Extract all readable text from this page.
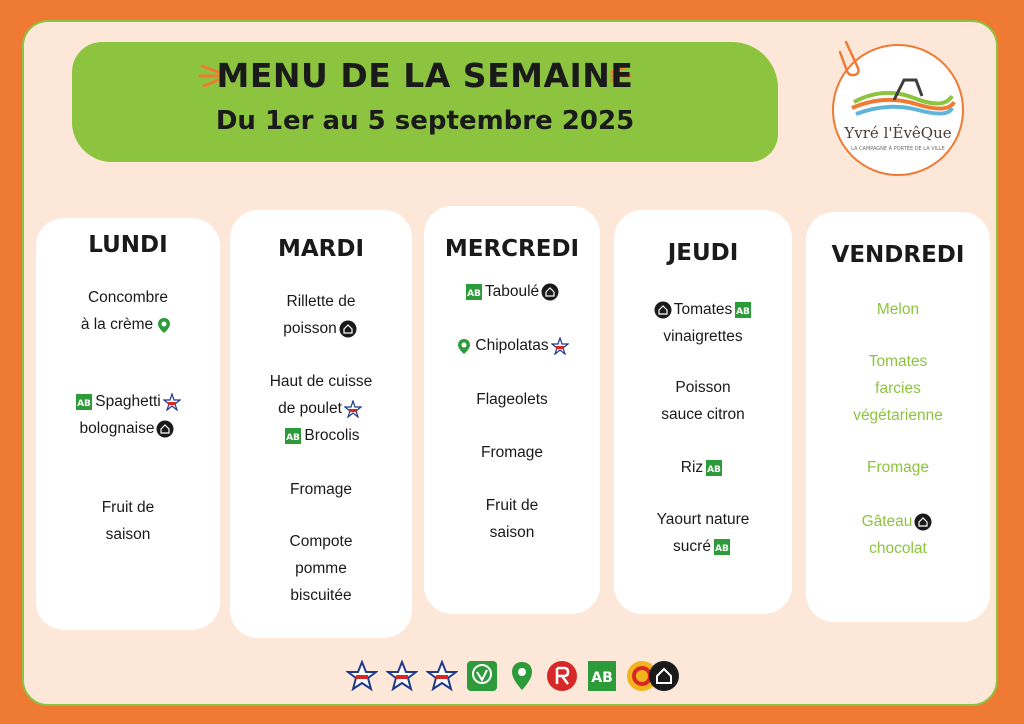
MENU DE LA SEMAINE
Du 1er au 5 septembre 2025	Yvré l'ÉvêQue
LA CAMPAGNE À PORTÉE DE LA VILLE
LUNDI
Concombre
à la crème
AB Spaghetti
bolognaise
Fruit de
saison
MARDI
Rillette de
poisson
Haut de cuisse
de poulet

AB Brocolis
Fromage
Compote
pomme
biscuitée
MERCREDI
AB Taboulé
Chipolatas
Flageolets
Fromage
Fruit de
saison
JEUDI
Tomates AB

vinaigrettes
Poisson
sauce citron
Riz AB
Yaourt nature
sucré AB
VENDREDI
Melon
Tomates
farcies
végétarienne
Fromage
Gâteau
chocolat
AB
